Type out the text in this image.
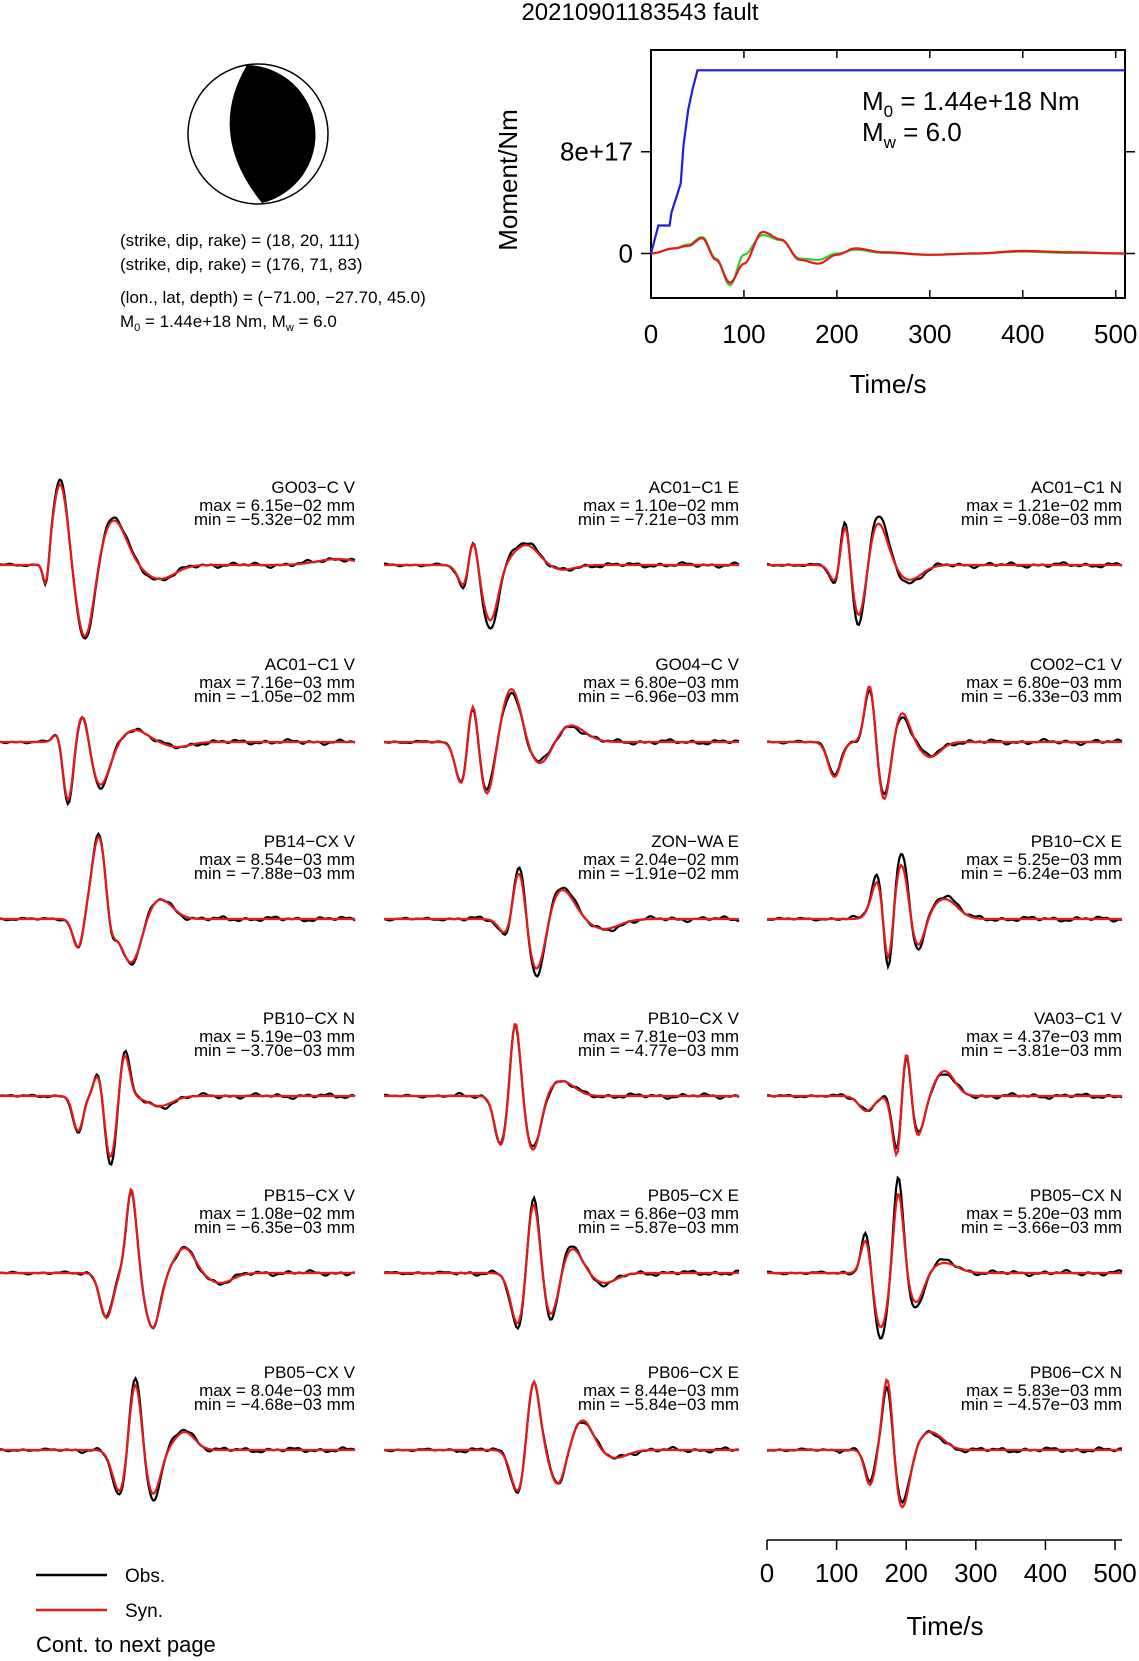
20210901183543 fault
(strike, dip, rake) = (18, 20, 111)
(strike, dip, rake) = (176, 71, 83)
(lon., lat, depth) = (−71.00, −27.70, 45.0)
$M_0 = 1.44e+18$ Nm, $M_w = 6.0$	0 100 200 300 400 500
0
8e+17
Moment/Nm
Time/s
$M_0 = 1.44e+18$ Nm
$M_w = 6.0$
GO03−C V
max = 6.15e−02 mm
min = −5.32e−02 mm
AC01−C1 E
max = 1.10e−02 mm
min = −7.21e−03 mm
AC01−C1 N
max = 1.21e−02 mm
min = −9.08e−03 mm
AC01−C1 V
max = 7.16e−03 mm
min = −1.05e−02 mm
GO04−C V
max = 6.80e−03 mm
min = −6.96e−03 mm
CO02−C1 V
max = 6.80e−03 mm
min = −6.33e−03 mm
PB14−CX V
max = 8.54e−03 mm
min = −7.88e−03 mm
ZON−WA E
max = 2.04e−02 mm
min = −1.91e−02 mm
PB10−CX E
max = 5.25e−03 mm
min = −6.24e−03 mm
PB10−CX N
max = 5.19e−03 mm
min = −3.70e−03 mm
PB10−CX V
max = 7.81e−03 mm
min = −4.77e−03 mm
VA03−C1 V
max = 4.37e−03 mm
min = −3.81e−03 mm
PB15−CX V
max = 1.08e−02 mm
min = −6.35e−03 mm
PB05−CX E
max = 6.86e−03 mm
min = −5.87e−03 mm
PB05−CX N
max = 5.20e−03 mm
min = −3.66e−03 mm
PB05−CX V
max = 8.04e−03 mm
min = −4.68e−03 mm
PB06−CX E
max = 8.44e−03 mm
min = −5.84e−03 mm
PB06−CX N
max = 5.83e−03 mm
min = −4.57e−03 mm
0 100 200 300 400 500
Time/s
Obs.
Syn.
Cont. to next page
